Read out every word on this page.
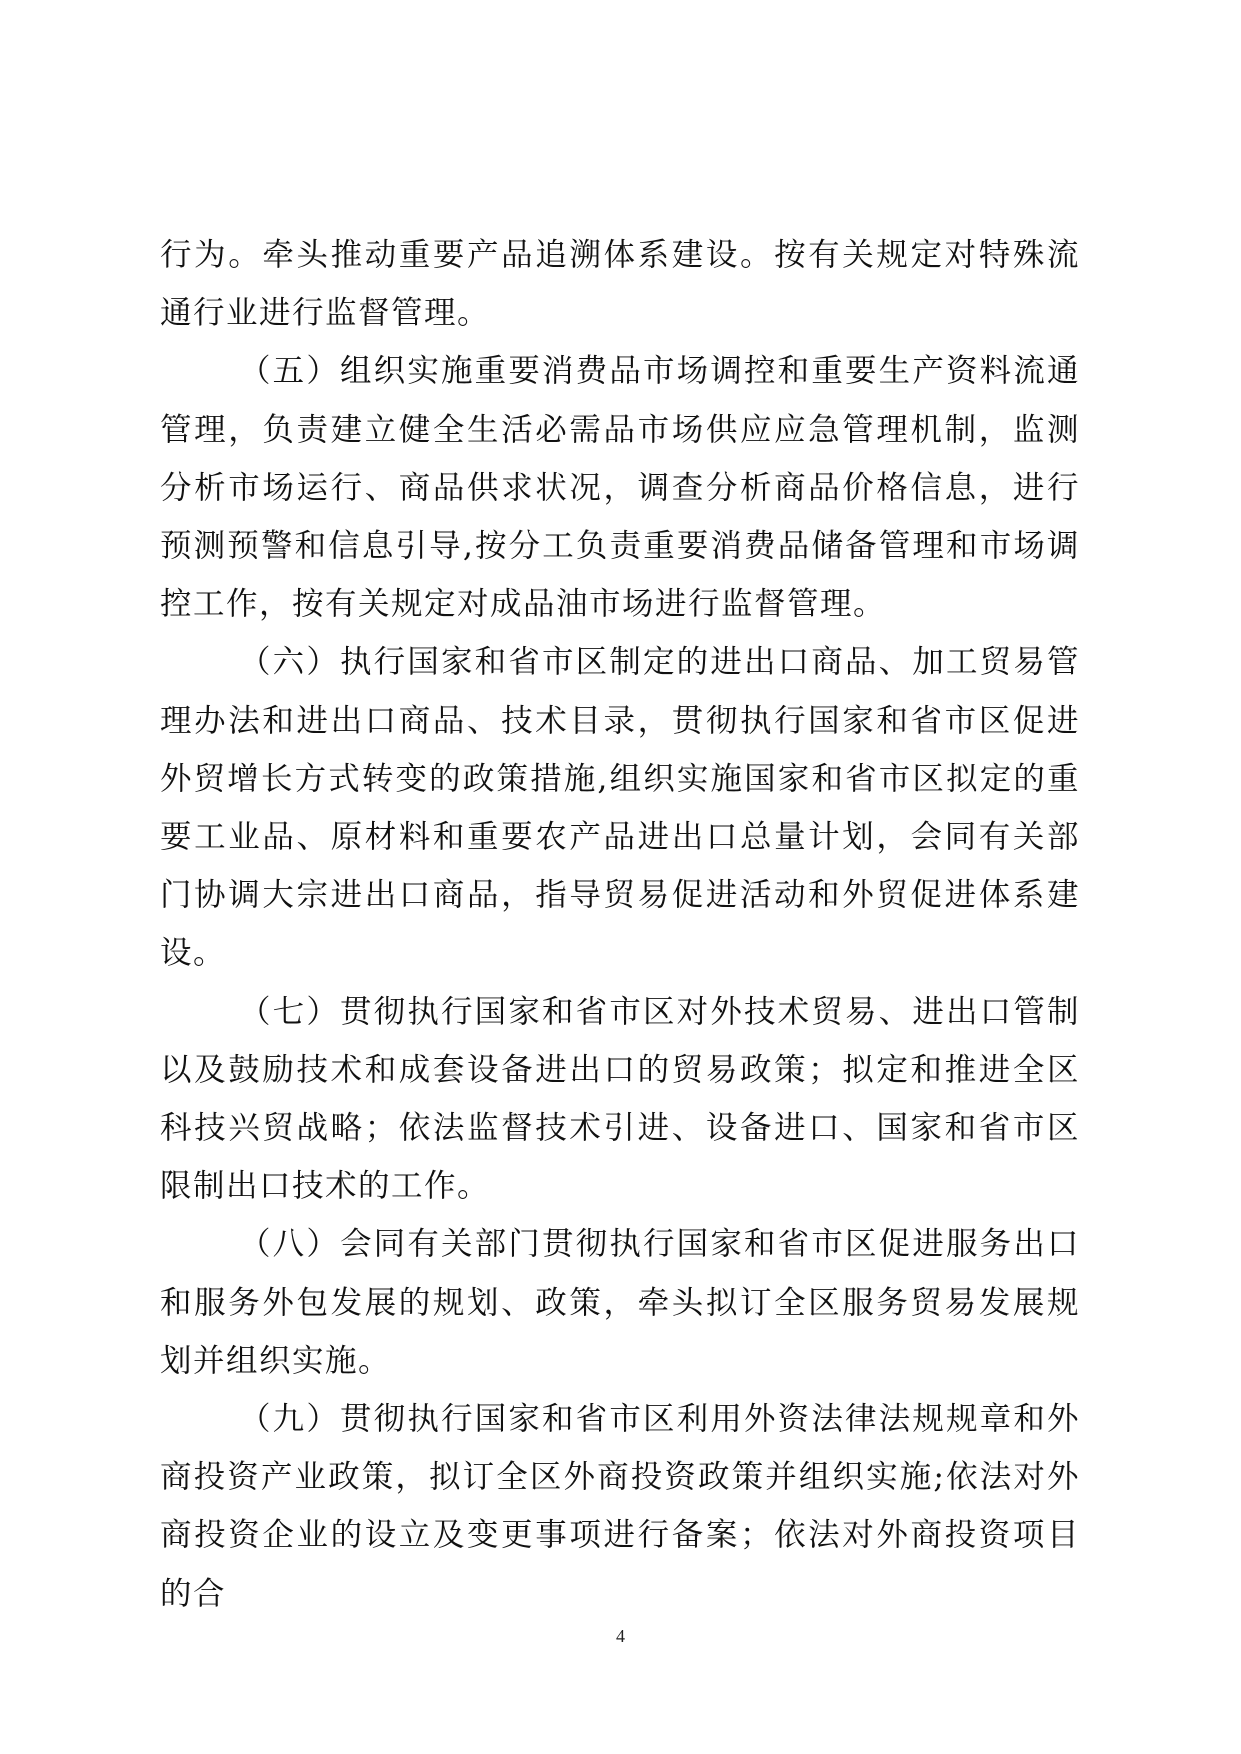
行为。牵头推动重要产品追溯体系建设。按有关规定对特殊流通行业进行监督管理。

（五）组织实施重要消费品市场调控和重要生产资料流通管理，负责建立健全生活必需品市场供应应急管理机制，监测分析市场运行、商品供求状况，调查分析商品价格信息，进行预测预警和信息引导,按分工负责重要消费品储备管理和市场调控工作，按有关规定对成品油市场进行监督管理。

（六）执行国家和省市区制定的进出口商品、加工贸易管理办法和进出口商品、技术目录，贯彻执行国家和省市区促进外贸增长方式转变的政策措施,组织实施国家和省市区拟定的重要工业品、原材料和重要农产品进出口总量计划，会同有关部门协调大宗进出口商品，指导贸易促进活动和外贸促进体系建设。

（七）贯彻执行国家和省市区对外技术贸易、进出口管制以及鼓励技术和成套设备进出口的贸易政策；拟定和推进全区科技兴贸战略；依法监督技术引进、设备进口、国家和省市区限制出口技术的工作。

（八）会同有关部门贯彻执行国家和省市区促进服务出口和服务外包发展的规划、政策，牵头拟订全区服务贸易发展规划并组织实施。

（九）贯彻执行国家和省市区利用外资法律法规规章和外商投资产业政策，拟订全区外商投资政策并组织实施;依法对外商投资企业的设立及变更事项进行备案；依法对外商投资项目的合

4
